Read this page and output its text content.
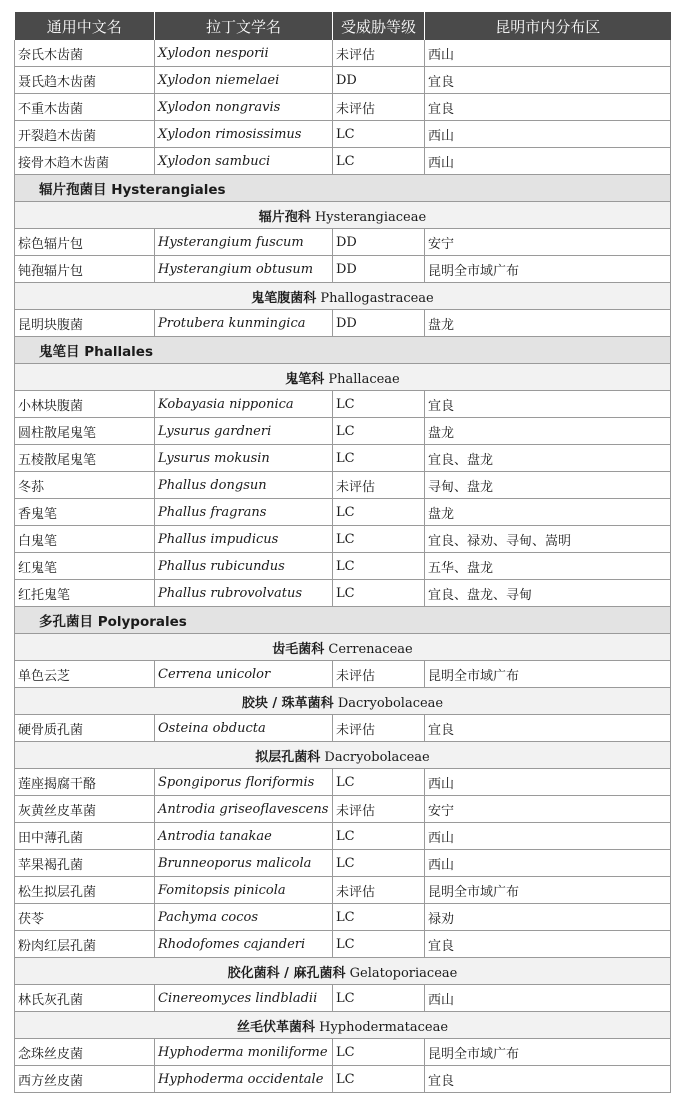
通用中文名	拉丁文学名	受威胁等级	昆明市内分布区
奈氏木齿菌	Xylodon nesporii	未评估	西山
聂氏趋木齿菌	Xylodon niemelaei	DD	宜良
不重木齿菌	Xylodon nongravis	未评估	宜良
开裂趋木齿菌	Xylodon rimosissimus	LC	西山
接骨木趋木齿菌	Xylodon sambuci	LC	西山
辐片孢菌目 Hysterangiales			
辐片孢科 Hysterangiaceae			
棕色辐片包	Hysterangium fuscum	DD	安宁
钝孢辐片包	Hysterangium obtusum	DD	昆明全市域广布
鬼笔腹菌科 Phallogastraceae			
昆明块腹菌	Protubera kunmingica	DD	盘龙
鬼笔目 Phallales			
鬼笔科 Phallaceae			
小林块腹菌	Kobayasia nipponica	LC	宜良
圆柱散尾鬼笔	Lysurus gardneri	LC	盘龙
五棱散尾鬼笔	Lysurus mokusin	LC	宜良、盘龙
冬荪	Phallus dongsun	未评估	寻甸、盘龙
香鬼笔	Phallus fragrans	LC	盘龙
白鬼笔	Phallus impudicus	LC	宜良、禄劝、寻甸、嵩明
红鬼笔	Phallus rubicundus	LC	五华、盘龙
红托鬼笔	Phallus rubrovolvatus	LC	宜良、盘龙、寻甸
多孔菌目 Polyporales			
齿毛菌科 Cerrenaceae			
单色云芝	Cerrena unicolor	未评估	昆明全市域广布
胶块 / 珠革菌科 Dacryobolaceae			
硬骨质孔菌	Osteina obducta	未评估	宜良
拟层孔菌科 Dacryobolaceae			
莲座揭腐干酪	Spongiporus floriformis	LC	西山
灰黄丝皮革菌	Antrodia griseoflavescens	未评估	安宁
田中薄孔菌	Antrodia tanakae	LC	西山
苹果褐孔菌	Brunneoporus malicola	LC	西山
松生拟层孔菌	Fomitopsis pinicola	未评估	昆明全市域广布
茯苓	Pachyma cocos	LC	禄劝
粉肉红层孔菌	Rhodofomes cajanderi	LC	宜良
胶化菌科 / 麻孔菌科 Gelatoporiaceae			
林氏灰孔菌	Cinereomyces lindbladii	LC	西山
丝毛伏革菌科 Hyphodermataceae			
念珠丝皮菌	Hyphoderma moniliforme	LC	昆明全市域广布
西方丝皮菌	Hyphoderma occidentale	LC	宜良
